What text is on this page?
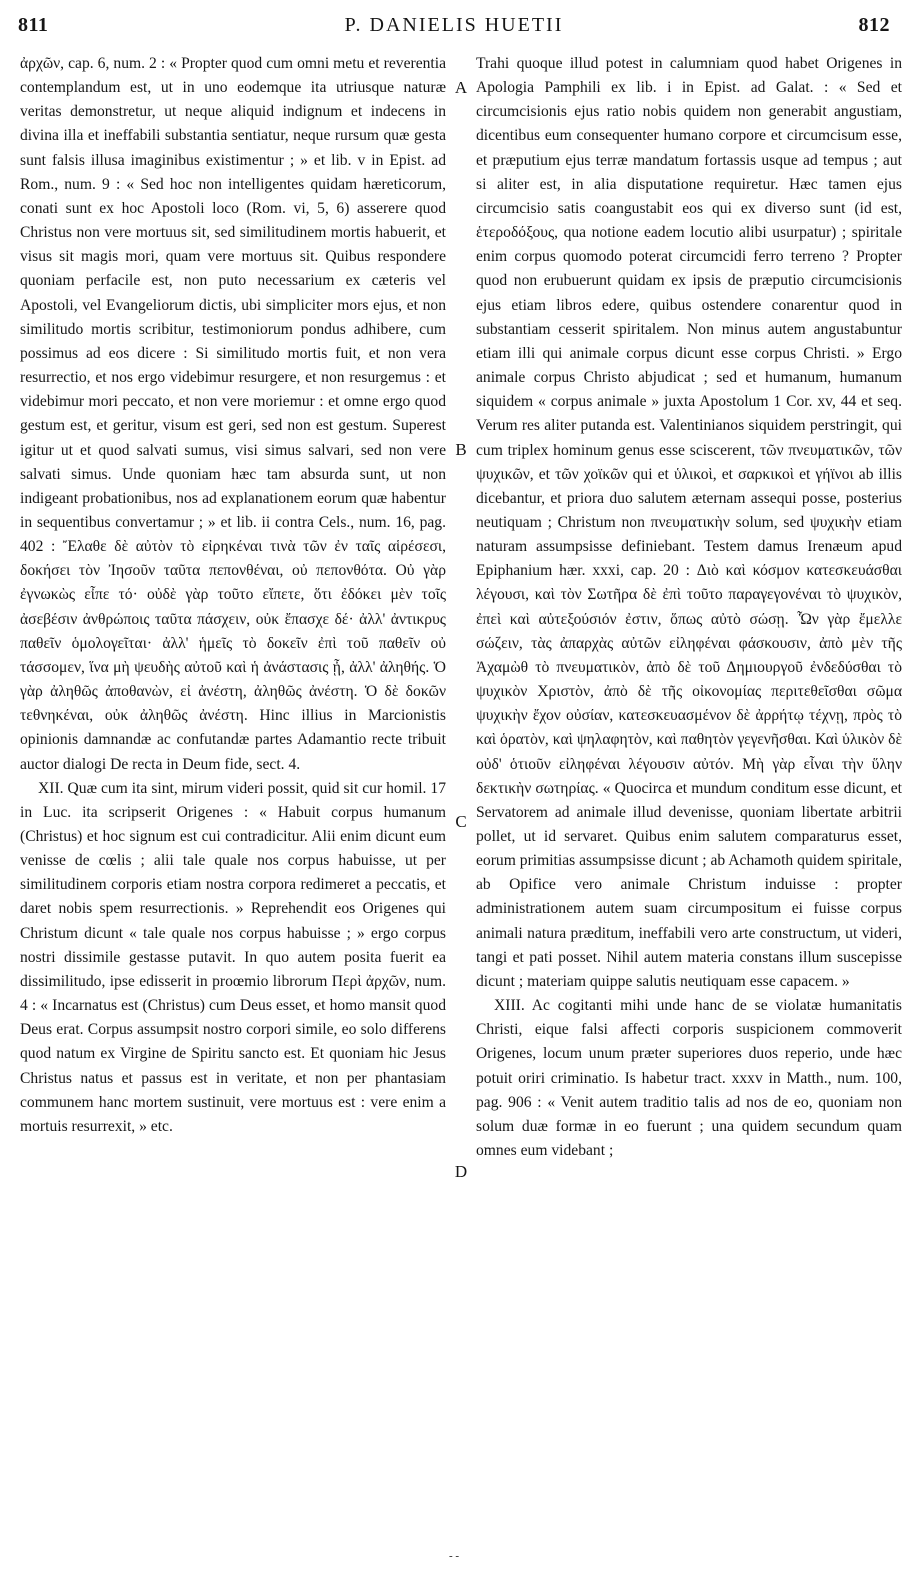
811	P. DANIELIS HUETII	812

ἀρχῶν, cap. 6, num. 2 : « Propter quod cum omni metu et reverentia contemplandum est, ut in uno eodemque ita utriusque naturæ veritas demonstretur, ut neque aliquid indignum et indecens in divina illa et ineffabili substantia sentiatur, neque rursum quæ gesta sunt falsis illusa imaginibus existimentur ; » et lib. v in Epist. ad Rom., num. 9 : « Sed hoc non intelligentes quidam hæreticorum, conati sunt ex hoc Apostoli loco (Rom. vi, 5, 6) asserere quod Christus non vere mortuus sit, sed similitudinem mortis habuerit, et visus sit magis mori, quam vere mortuus sit. Quibus respondere quoniam perfacile est, non puto necessarium ex cæteris vel Apostoli, vel Evangeliorum dictis, ubi simpliciter mors ejus, et non similitudo mortis scribitur, testimoniorum pondus adhibere, cum possimus ad eos dicere : Si similitudo mortis fuit, et non vera resurrectio, et nos ergo videbimur resurgere, et non resurgemus : et videbimur mori peccato, et non vere moriemur : et omne ergo quod gestum est, et geritur, visum est geri, sed non est gestum. Superest igitur ut et quod salvati sumus, visi simus salvari, sed non vere salvati simus. Unde quoniam hæc tam absurda sunt, ut non indigeant probationibus, nos ad explanationem eorum quæ habentur in sequentibus convertamur ; » et lib. ii contra Cels., num. 16, pag. 402 : Ἔλαθε δὲ αὐτὸν τὸ εἰρηκέναι τινὰ τῶν ἐν ταῖς αἱρέσεσι, δοκήσει τὸν Ἰησοῦν ταῦτα πεπονθέναι, οὐ πεπονθότα. Οὐ γὰρ ἐγνωκὼς εἶπε τό· οὐδὲ γὰρ τοῦτο εἴπετε, ὅτι ἐδόκει μὲν τοῖς ἀσεβέσιν ἀνθρώποις ταῦτα πάσχειν, οὐκ ἔπασχε δέ· ἀλλ' ἀντικρυς παθεῖν ὁμολογεῖται· ἀλλ' ἡμεῖς τὸ δοκεῖν ἐπὶ τοῦ παθεῖν οὐ τάσσομεν, ἵνα μὴ ψευδὴς αὐτοῦ καὶ ἡ ἀνάστασις ᾖ, ἀλλ' ἀληθής. Ὁ γὰρ ἀληθῶς ἀποθανὼν, εἰ ἀνέστη, ἀληθῶς ἀνέστη. Ὁ δὲ δοκῶν τεθνηκέναι, οὐκ ἀληθῶς ἀνέστη. Hinc illius in Marcionistis opinionis damnandæ ac confutandæ partes Adamantio recte tribuit auctor dialogi De recta in Deum fide, sect. 4.

XII. Quæ cum ita sint, mirum videri possit, quid sit cur homil. 17 in Luc. ita scripserit Origenes : « Habuit corpus humanum (Christus) et hoc signum est cui contradicitur. Alii enim dicunt eum venisse de cœlis ; alii tale quale nos corpus habuisse, ut per similitudinem corporis etiam nostra corpora redimeret a peccatis, et daret nobis spem resurrectionis. » Reprehendit eos Origenes qui Christum dicunt « tale quale nos corpus habuisse ; » ergo corpus nostri dissimile gestasse putavit. In quo autem posita fuerit ea dissimilitudo, ipse edisserit in proœmio librorum Περὶ ἀρχῶν, num. 4 : « Incarnatus est (Christus) cum Deus esset, et homo mansit quod Deus erat. Corpus assumpsit nostro corpori simile, eo solo differens quod natum ex Virgine de Spiritu sancto est. Et quoniam hic Jesus Christus natus et passus est in veritate, et non per phantasiam communem hanc mortem sustinuit, vere mortuus est : vere enim a mortuis resurrexit, » etc.

A
B
C
D

Trahi quoque illud potest in calumniam quod habet Origenes in Apologia Pamphili ex lib. i in Epist. ad Galat. : « Sed et circumcisionis ejus ratio nobis quidem non generabit angustiam, dicentibus eum consequenter humano corpore et circumcisum esse, et præputium ejus terræ mandatum fortassis usque ad tempus ; aut si aliter est, in alia disputatione requiretur. Hæc tamen ejus circumcisio satis coangustabit eos qui ex diverso sunt (id est, ἑτεροδόξους, qua notione eadem locutio alibi usurpatur) ; spiritale enim corpus quomodo poterat circumcidi ferro terreno ? Propter quod non erubuerunt quidam ex ipsis de præputio circumcisionis ejus etiam libros edere, quibus ostendere conarentur quod in substantiam cesserit spiritalem. Non minus autem angustabuntur etiam illi qui animale corpus dicunt esse corpus Christi. » Ergo animale corpus Christo abjudicat ; sed et humanum, humanum siquidem « corpus animale » juxta Apostolum 1 Cor. xv, 44 et seq. Verum res aliter putanda est. Valentinianos siquidem perstringit, qui cum triplex hominum genus esse sciscerent, τῶν πνευματικῶν, τῶν ψυχικῶν, et τῶν χοϊκῶν qui et ὑλικοὶ, et σαρκικοὶ et γήϊνοι ab illis dicebantur, et priora duo salutem æternam assequi posse, posterius neutiquam ; Christum non πνευματικὴν solum, sed ψυχικὴν etiam naturam assumpsisse definiebant. Testem damus Irenæum apud Epiphanium hær. xxxi, cap. 20 : Διὸ καὶ κόσμον κατεσκευάσθαι λέγουσι, καὶ τὸν Σωτῆρα δὲ ἐπὶ τοῦτο παραγεγονέναι τὸ ψυχικὸν, ἐπεὶ καὶ αὐτεξούσιόν ἐστιν, ὅπως αὐτὸ σώσῃ. Ὧν γὰρ ἔμελλε σώζειν, τὰς ἀπαρχὰς αὐτῶν εἰληφέναι φάσκουσιν, ἀπὸ μὲν τῆς Ἀχαμὼθ τὸ πνευματικὸν, ἀπὸ δὲ τοῦ Δημιουργοῦ ἐνδεδύσθαι τὸ ψυχικὸν Χριστὸν, ἀπὸ δὲ τῆς οἰκονομίας περιτεθεῖσθαι σῶμα ψυχικὴν ἔχον οὐσίαν, κατεσκευασμένον δὲ ἀρρήτῳ τέχνῃ, πρὸς τὸ καὶ ὁρατὸν, καὶ ψηλαφητὸν, καὶ παθητὸν γεγενῆσθαι. Καὶ ὑλικὸν δὲ οὐδ' ὁτιοῦν εἰληφέναι λέγουσιν αὐτόν. Μὴ γὰρ εἶναι τὴν ὕλην δεκτικὴν σωτηρίας. « Quocirca et mundum conditum esse dicunt, et Servatorem ad animale illud devenisse, quoniam libertate arbitrii pollet, ut id servaret. Quibus enim salutem comparaturus esset, eorum primitias assumpsisse dicunt ; ab Achamoth quidem spiritale, ab Opifice vero animale Christum induisse : propter administrationem autem suam circumpositum ei fuisse corpus animali natura præditum, ineffabili vero arte constructum, ut videri, tangi et pati posset. Nihil autem materia constans illum suscepisse dicunt ; materiam quippe salutis neutiquam esse capacem. »

XIII. Ac cogitanti mihi unde hanc de se violatæ humanitatis Christi, eique falsi affecti corporis suspicionem commoverit Origenes, locum unum præter superiores duos reperio, unde hæc potuit oriri criminatio. Is habetur tract. xxxv in Matth., num. 100, pag. 906 : « Venit autem traditio talis ad nos de eo, quoniam non solum duæ formæ in eo fuerunt ; una quidem secundum quam omnes eum videbant ;

- -
